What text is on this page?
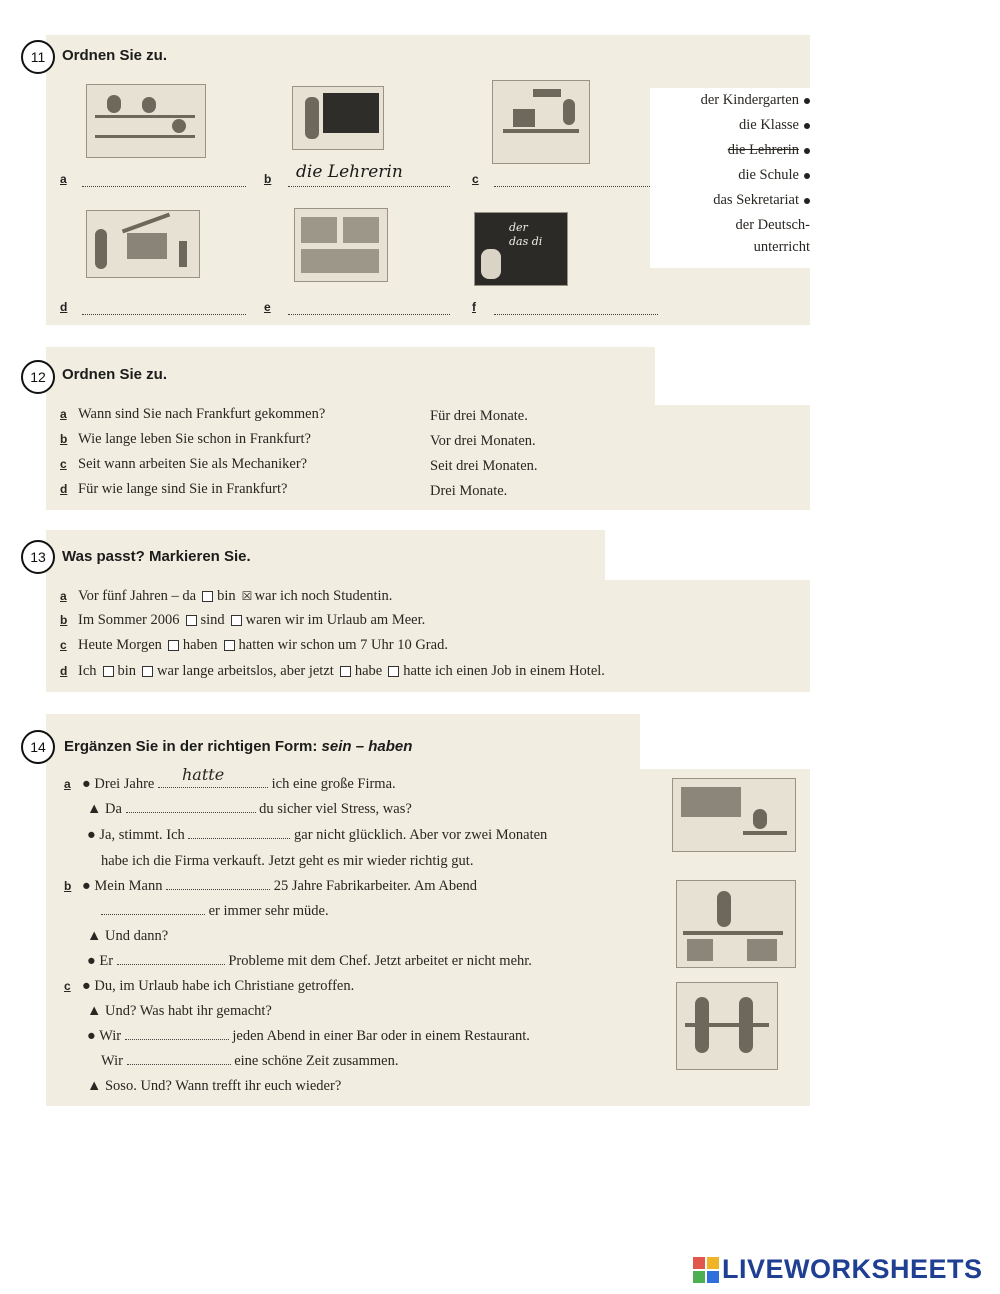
11	Ordnen Sie zu.
a	b die Lehrerin	c
der das di
d	e	f
der Kindergarten
die Klasse
die Lehrerin
die Schule
das Sekretariat
der Deutsch-
unterricht
12	Ordnen Sie zu.
a Wann sind Sie nach Frankfurt gekommen?
b Wie lange leben Sie schon in Frankfurt?
c Seit wann arbeiten Sie als Mechaniker?
d Für wie lange sind Sie in Frankfurt?
Für drei Monate.
Vor drei Monaten.
Seit drei Monaten.
Drei Monate.
13	Was passt? Markieren Sie.
a Vor fünf Jahren – da bin ☒ war ich noch Studentin.
b Im Sommer 2006 sind waren wir im Urlaub am Meer.
c Heute Morgen haben hatten wir schon um 7 Uhr 10 Grad.
d Ich bin war lange arbeitslos, aber jetzt habe hatte ich einen Job in einem Hotel.
14	Ergänzen Sie in der richtigen Form: sein – haben
a ● Drei Jahre hatte	ich eine große Firma.
▲ Da	du sicher viel Stress, was?
● Ja, stimmt. Ich	gar nicht glücklich. Aber vor zwei Monaten
habe ich die Firma verkauft. Jetzt geht es mir wieder richtig gut.
b ● Mein Mann	25 Jahre Fabrikarbeiter. Am Abend
er immer sehr müde.
▲ Und dann?
● Er	Probleme mit dem Chef. Jetzt arbeitet er nicht mehr.
c ● Du, im Urlaub habe ich Christiane getroffen.
▲ Und? Was habt ihr gemacht?
● Wir	jeden Abend in einer Bar oder in einem Restaurant.
Wir	eine schöne Zeit zusammen.
▲ Soso. Und? Wann trefft ihr euch wieder?
LIVEWORKSHEETS
